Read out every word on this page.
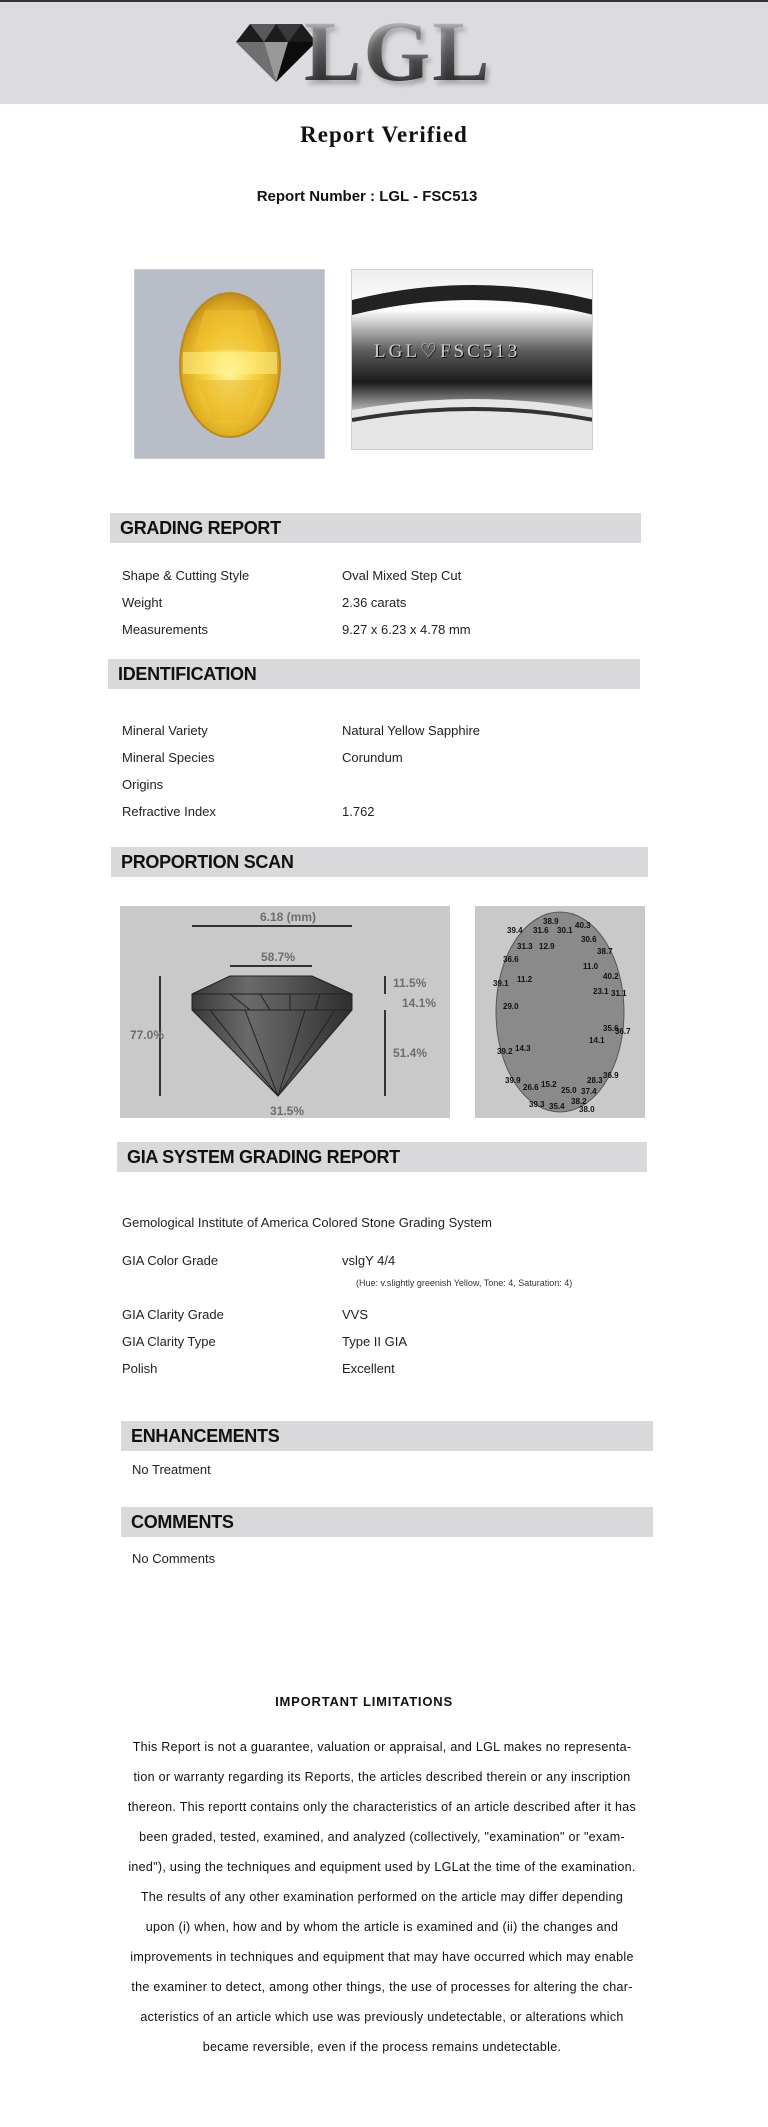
LGL
Report Verified
Report Number : LGL - FSC513
LGL♡FSC513
GRADING REPORT
Shape & Cutting Style	Oval Mixed Step Cut
Weight	2.36 carats
Measurements	9.27 x 6.23 x 4.78 mm
IDENTIFICATION
Mineral Variety	Natural Yellow Sapphire
Mineral Species	Corundum
Origins
Refractive Index	1.762
PROPORTION SCAN
6.18 (mm)
58.7%
77.0%
11.5%
14.1%
51.4%
31.5%
38.9
39.4 31.6 30.1
40.3
31.3 12.9
30.6
36.6
38.7
11.0
40.2
39.1 11.2
23.1 31.1
29.0
35.6
36.7
39.2 14.3
14.1
39.9
26.6 15.2
25.0
28.3
36.9
39.3 35.4
38.2
37.4
38.0
GIA SYSTEM GRADING REPORT
Gemological Institute of America Colored Stone Grading System
GIA Color Grade	vslgY 4/4
(Hue: v.slightly greenish Yellow, Tone: 4, Saturation: 4)
GIA Clarity Grade	VVS
GIA Clarity Type	Type II GIA
Polish	Excellent
ENHANCEMENTS
No Treatment
COMMENTS
No Comments
IMPORTANT LIMITATIONS
This Report is not a guarantee, valuation or appraisal, and LGL makes no representa-
tion or warranty regarding its Reports, the articles described therein or any inscription
thereon. This reportt contains only the characteristics of an article described after it has
been graded, tested, examined, and analyzed (collectively, "examination" or "exam-
ined"), using the techniques and equipment used by LGLat the time of the examination.
The results of any other examination performed on the article may differ depending
upon (i) when, how and by whom the article is examined and (ii) the changes and
improvements in techniques and equipment that may have occurred which may enable
the examiner to detect, among other things, the use of processes for altering the char-
acteristics of an article which use was previously undetectable, or alterations which
became reversible, even if the process remains undetectable.
